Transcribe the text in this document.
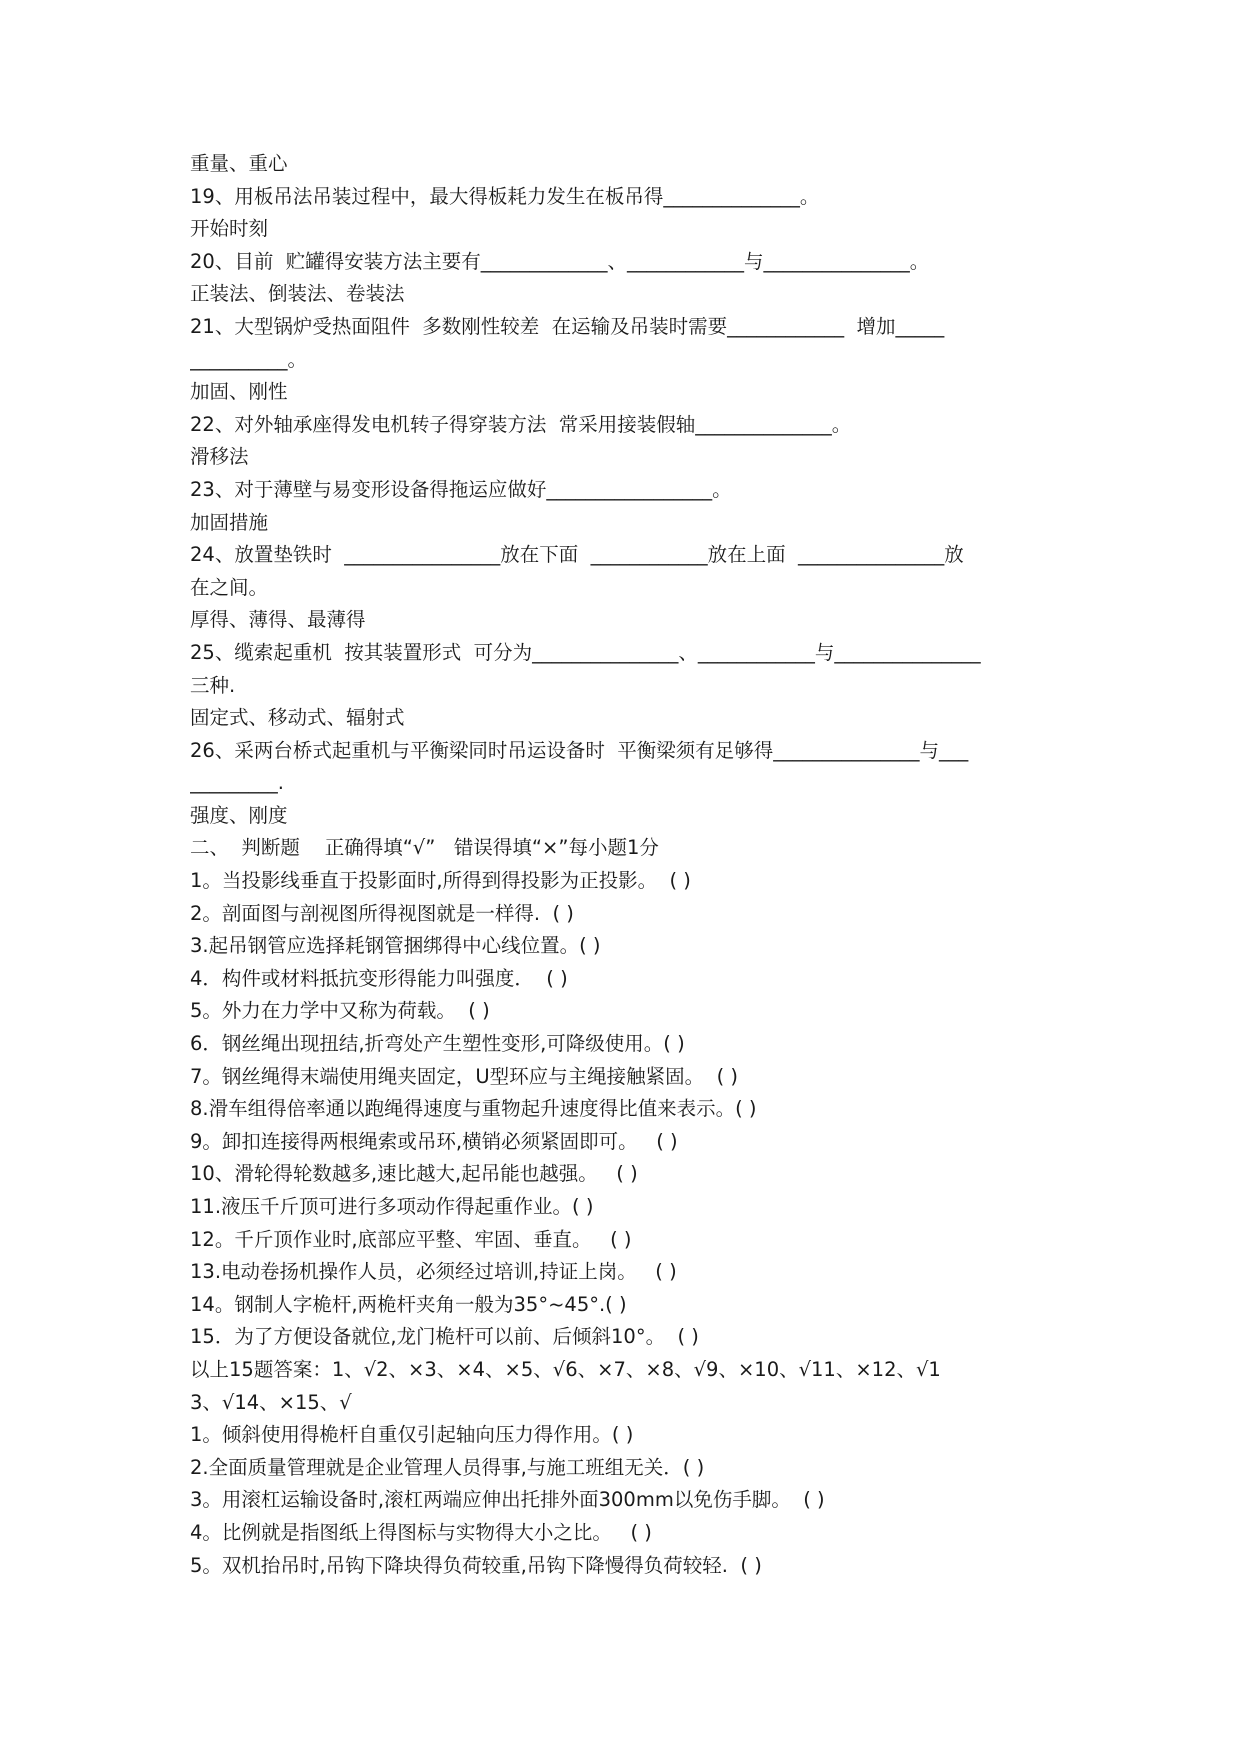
重量、重心
19、用板吊法吊装过程中，最大得板耗力发生在板吊得______________。
开始时刻
20、目前  贮罐得安装方法主要有_____________、____________与_______________。
正装法、倒装法、卷装法
21、大型锅炉受热面阻件  多数刚性较差  在运输及吊装时需要____________  增加_____
__________。
加固、刚性
22、对外轴承座得发电机转子得穿装方法  常采用接装假轴______________。
滑移法
23、对于薄壁与易变形设备得拖运应做好_________________。
加固措施
24、放置垫铁时  ________________放在下面  ____________放在上面  _______________放
在之间。
厚得、薄得、最薄得
25、缆索起重机  按其装置形式  可分为_______________、____________与_______________
三种.
固定式、移动式、辐射式
26、采两台桥式起重机与平衡梁同时吊运设备时  平衡梁须有足够得_______________与___
_________.
强度、刚度
二、  判断题    正确得填“√”   错误得填“×”每小题1分
1。当投影线垂直于投影面时,所得到得投影为正投影。  ( )
2。剖面图与剖视图所得视图就是一样得.  ( )
3.起吊钢管应选择耗钢管捆绑得中心线位置。( )
4．构件或材料抵抗变形得能力叫强度．  ( )
5。外力在力学中又称为荷载。  ( )
6．钢丝绳出现扭结,折弯处产生塑性变形,可降级使用。( )
7。钢丝绳得末端使用绳夹固定，U型环应与主绳接触紧固。  ( )
8.滑车组得倍率通以跑绳得速度与重物起升速度得比值来表示。( )
9。卸扣连接得两根绳索或吊环,横销必须紧固即可。   ( )
10、滑轮得轮数越多,速比越大,起吊能也越强。   ( )
11.液压千斤顶可进行多项动作得起重作业。( )
12。千斤顶作业时,底部应平整、牢固、垂直。   ( )
13.电动卷扬机操作人员，必须经过培训,持证上岗。   ( )
14。钢制人字桅杆,两桅杆夹角一般为35°~45°.( )
15．为了方便设备就位,龙门桅杆可以前、后倾斜10°。  ( )
以上15题答案：1、√2、×3、×4、×5、√6、×7、×8、√9、×10、√11、×12、√1
3、√14、×15、√
1。倾斜使用得桅杆自重仅引起轴向压力得作用。( )
2.全面质量管理就是企业管理人员得事,与施工班组无关．( )
3。用滚杠运输设备时,滚杠两端应伸出托排外面300mm以免伤手脚。  ( )
4。比例就是指图纸上得图标与实物得大小之比。   ( )
5。双机抬吊时,吊钩下降块得负荷较重,吊钩下降慢得负荷较轻.  ( )
